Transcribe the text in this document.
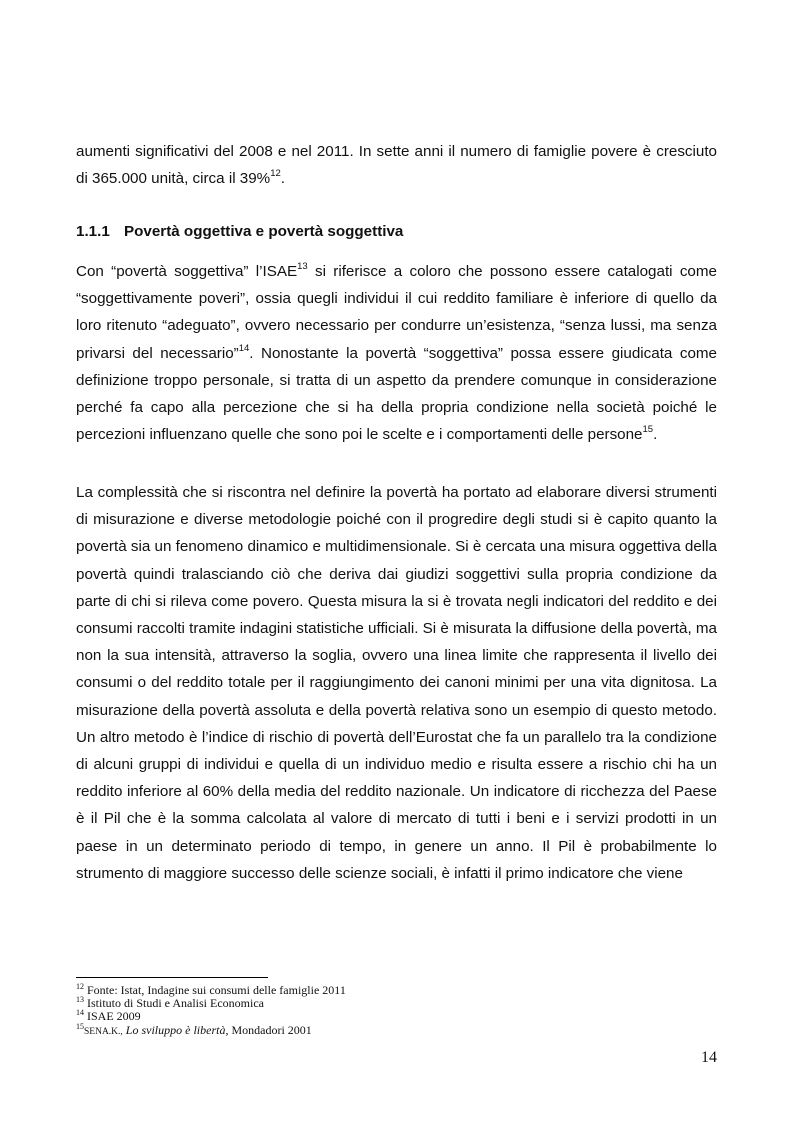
aumenti significativi del 2008 e nel 2011. In sette anni il numero di famiglie povere è cresciuto di 365.000 unità, circa il 39%$^{12}$.

1.1.1 Povertà oggettiva e povertà soggettiva

Con “povertà soggettiva” l’ISAE$^{13}$ si riferisce a coloro che possono essere catalogati come “soggettivamente poveri”, ossia quegli individui il cui reddito familiare è inferiore di quello da loro ritenuto “adeguato”, ovvero necessario per condurre un’esistenza, “senza lussi, ma senza privarsi del necessario”$^{14}$. Nonostante la povertà “soggettiva” possa essere giudicata come definizione troppo personale, si tratta di un aspetto da prendere comunque in considerazione perché fa capo alla percezione che si ha della propria condizione nella società poiché le percezioni influenzano quelle che sono poi le scelte e i comportamenti delle persone$^{15}$.

La complessità che si riscontra nel definire la povertà ha portato ad elaborare diversi strumenti di misurazione e diverse metodologie poiché con il progredire degli studi si è capito quanto la povertà sia un fenomeno dinamico e multidimensionale. Si è cercata una misura oggettiva della povertà quindi tralasciando ciò che deriva dai giudizi soggettivi sulla propria condizione da parte di chi si rileva come povero. Questa misura la si è trovata negli indicatori del reddito e dei consumi raccolti tramite indagini statistiche ufficiali. Si è misurata la diffusione della povertà, ma non la sua intensità, attraverso la soglia, ovvero una linea limite che rappresenta il livello dei consumi o del reddito totale per il raggiungimento dei canoni minimi per una vita dignitosa. La misurazione della povertà assoluta e della povertà relativa sono un esempio di questo metodo. Un altro metodo è l’indice di rischio di povertà dell’Eurostat che fa un parallelo tra la condizione di alcuni gruppi di individui e quella di un individuo medio e risulta essere a rischio chi ha un reddito inferiore al 60% della media del reddito nazionale. Un indicatore di ricchezza del Paese è il Pil che è la somma calcolata al valore di mercato di tutti i beni e i servizi prodotti in un paese in un determinato periodo di tempo, in genere un anno. Il Pil è probabilmente lo strumento di maggiore successo delle scienze sociali, è infatti il primo indicatore che viene

$^{12}$ Fonte: Istat, Indagine sui consumi delle famiglie 2011
$^{13}$ Istituto di Studi e Analisi Economica
$^{14}$ ISAE 2009
$^{15}$SENA.K., Lo sviluppo è libertà, Mondadori 2001
14
